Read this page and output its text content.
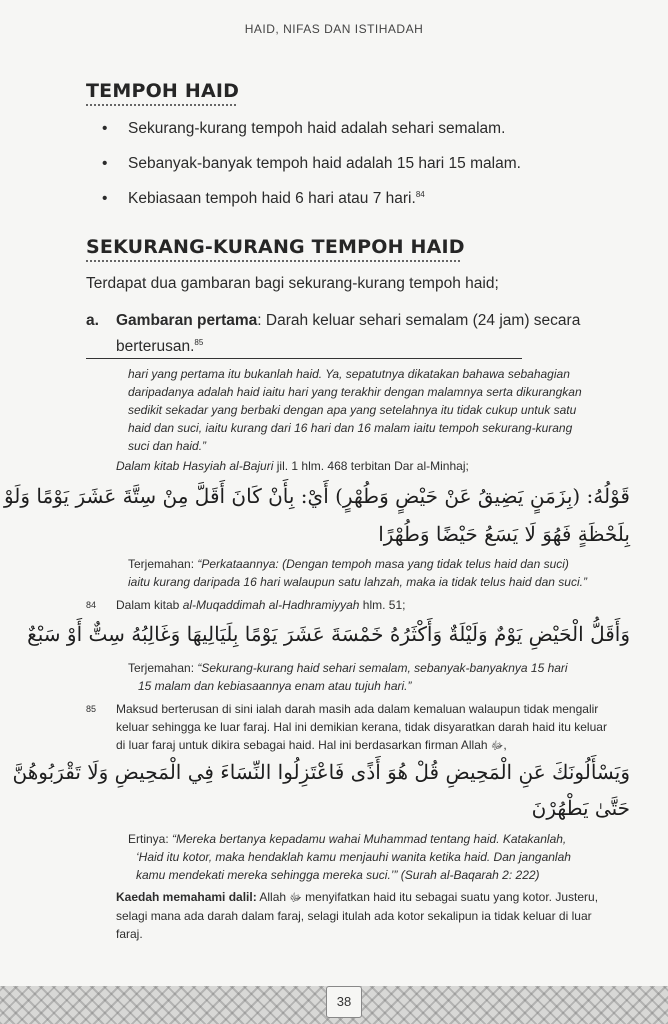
HAID, NIFAS DAN ISTIHADAH
TEMPOH HAID
• Sekurang-kurang tempoh haid adalah sehari semalam.
• Sebanyak-banyak tempoh haid adalah 15 hari 15 malam.
• Kebiasaan tempoh haid 6 hari atau 7 hari.$^{84}$
SEKURANG-KURANG TEMPOH HAID
Terdapat dua gambaran bagi sekurang-kurang tempoh haid;
a. Gambaran pertama: Darah keluar sehari semalam (24 jam) secara
berterusan.$^{85}$
hari yang pertama itu bukanlah haid. Ya, sepatutnya dikatakan bahawa sebahagian
daripadanya adalah haid iaitu hari yang terakhir dengan malamnya serta dikurangkan
sedikit sekadar yang berbaki dengan apa yang setelahnya itu tidak cukup untuk satu
haid dan suci, iaitu kurang dari 16 hari dan 16 malam iaitu tempoh sekurang-kurang
suci dan haid.”
Dalam kitab Hasyiah al-Bajuri jil. 1 hlm. 468 terbitan Dar al-Minhaj;
قَوْلُهُ: (بِزَمَنٍ يَضِيقُ عَنْ حَيْضٍ وَطُهْرٍ) أَيْ: بِأَنْ كَانَ أَقَلَّ مِنْ سِتَّةَ عَشَرَ يَوْمًا وَلَوْ
بِلَحْظَةٍ فَهُوَ لَا يَسَعُ حَيْضًا وَطُهْرًا
Terjemahan: “Perkataannya: (Dengan tempoh masa yang tidak telus haid dan suci)
iaitu kurang daripada 16 hari walaupun satu lahzah, maka ia tidak telus haid dan suci.”
84 Dalam kitab al-Muqaddimah al-Hadhramiyyah hlm. 51;
وَأَقَلُّ الْحَيْضِ يَوْمٌ وَلَيْلَةٌ وَأَكْثَرُهُ خَمْسَةَ عَشَرَ يَوْمًا بِلَيَالِيهَا وَغَالِبُهُ سِتٌّ أَوْ سَبْعٌ
Terjemahan: “Sekurang-kurang haid sehari semalam, sebanyak-banyaknya 15 hari
15 malam dan kebiasaannya enam atau tujuh hari.”
85 Maksud berterusan di sini ialah darah masih ada dalam kemaluan walaupun tidak mengalir
keluar sehingga ke luar faraj. Hal ini demikian kerana, tidak disyaratkan darah haid itu keluar
di luar faraj untuk dikira sebagai haid. Hal ini berdasarkan firman Allah ﷻ,
وَيَسْأَلُونَكَ عَنِ الْمَحِيضِ قُلْ هُوَ أَذًى فَاعْتَزِلُوا النِّسَاءَ فِي الْمَحِيضِ وَلَا تَقْرَبُوهُنَّ
حَتَّىٰ يَطْهُرْنَ
Ertinya: “Mereka bertanya kepadamu wahai Muhammad tentang haid. Katakanlah,
‘Haid itu kotor, maka hendaklah kamu menjauhi wanita ketika haid. Dan janganlah
kamu mendekati mereka sehingga mereka suci.’” (Surah al-Baqarah 2: 222)
Kaedah memahami dalil: Allah ﷻ menyifatkan haid itu sebagai suatu yang kotor. Justeru,
selagi mana ada darah dalam faraj, selagi itulah ada kotor sekalipun ia tidak keluar di luar
faraj.
38
